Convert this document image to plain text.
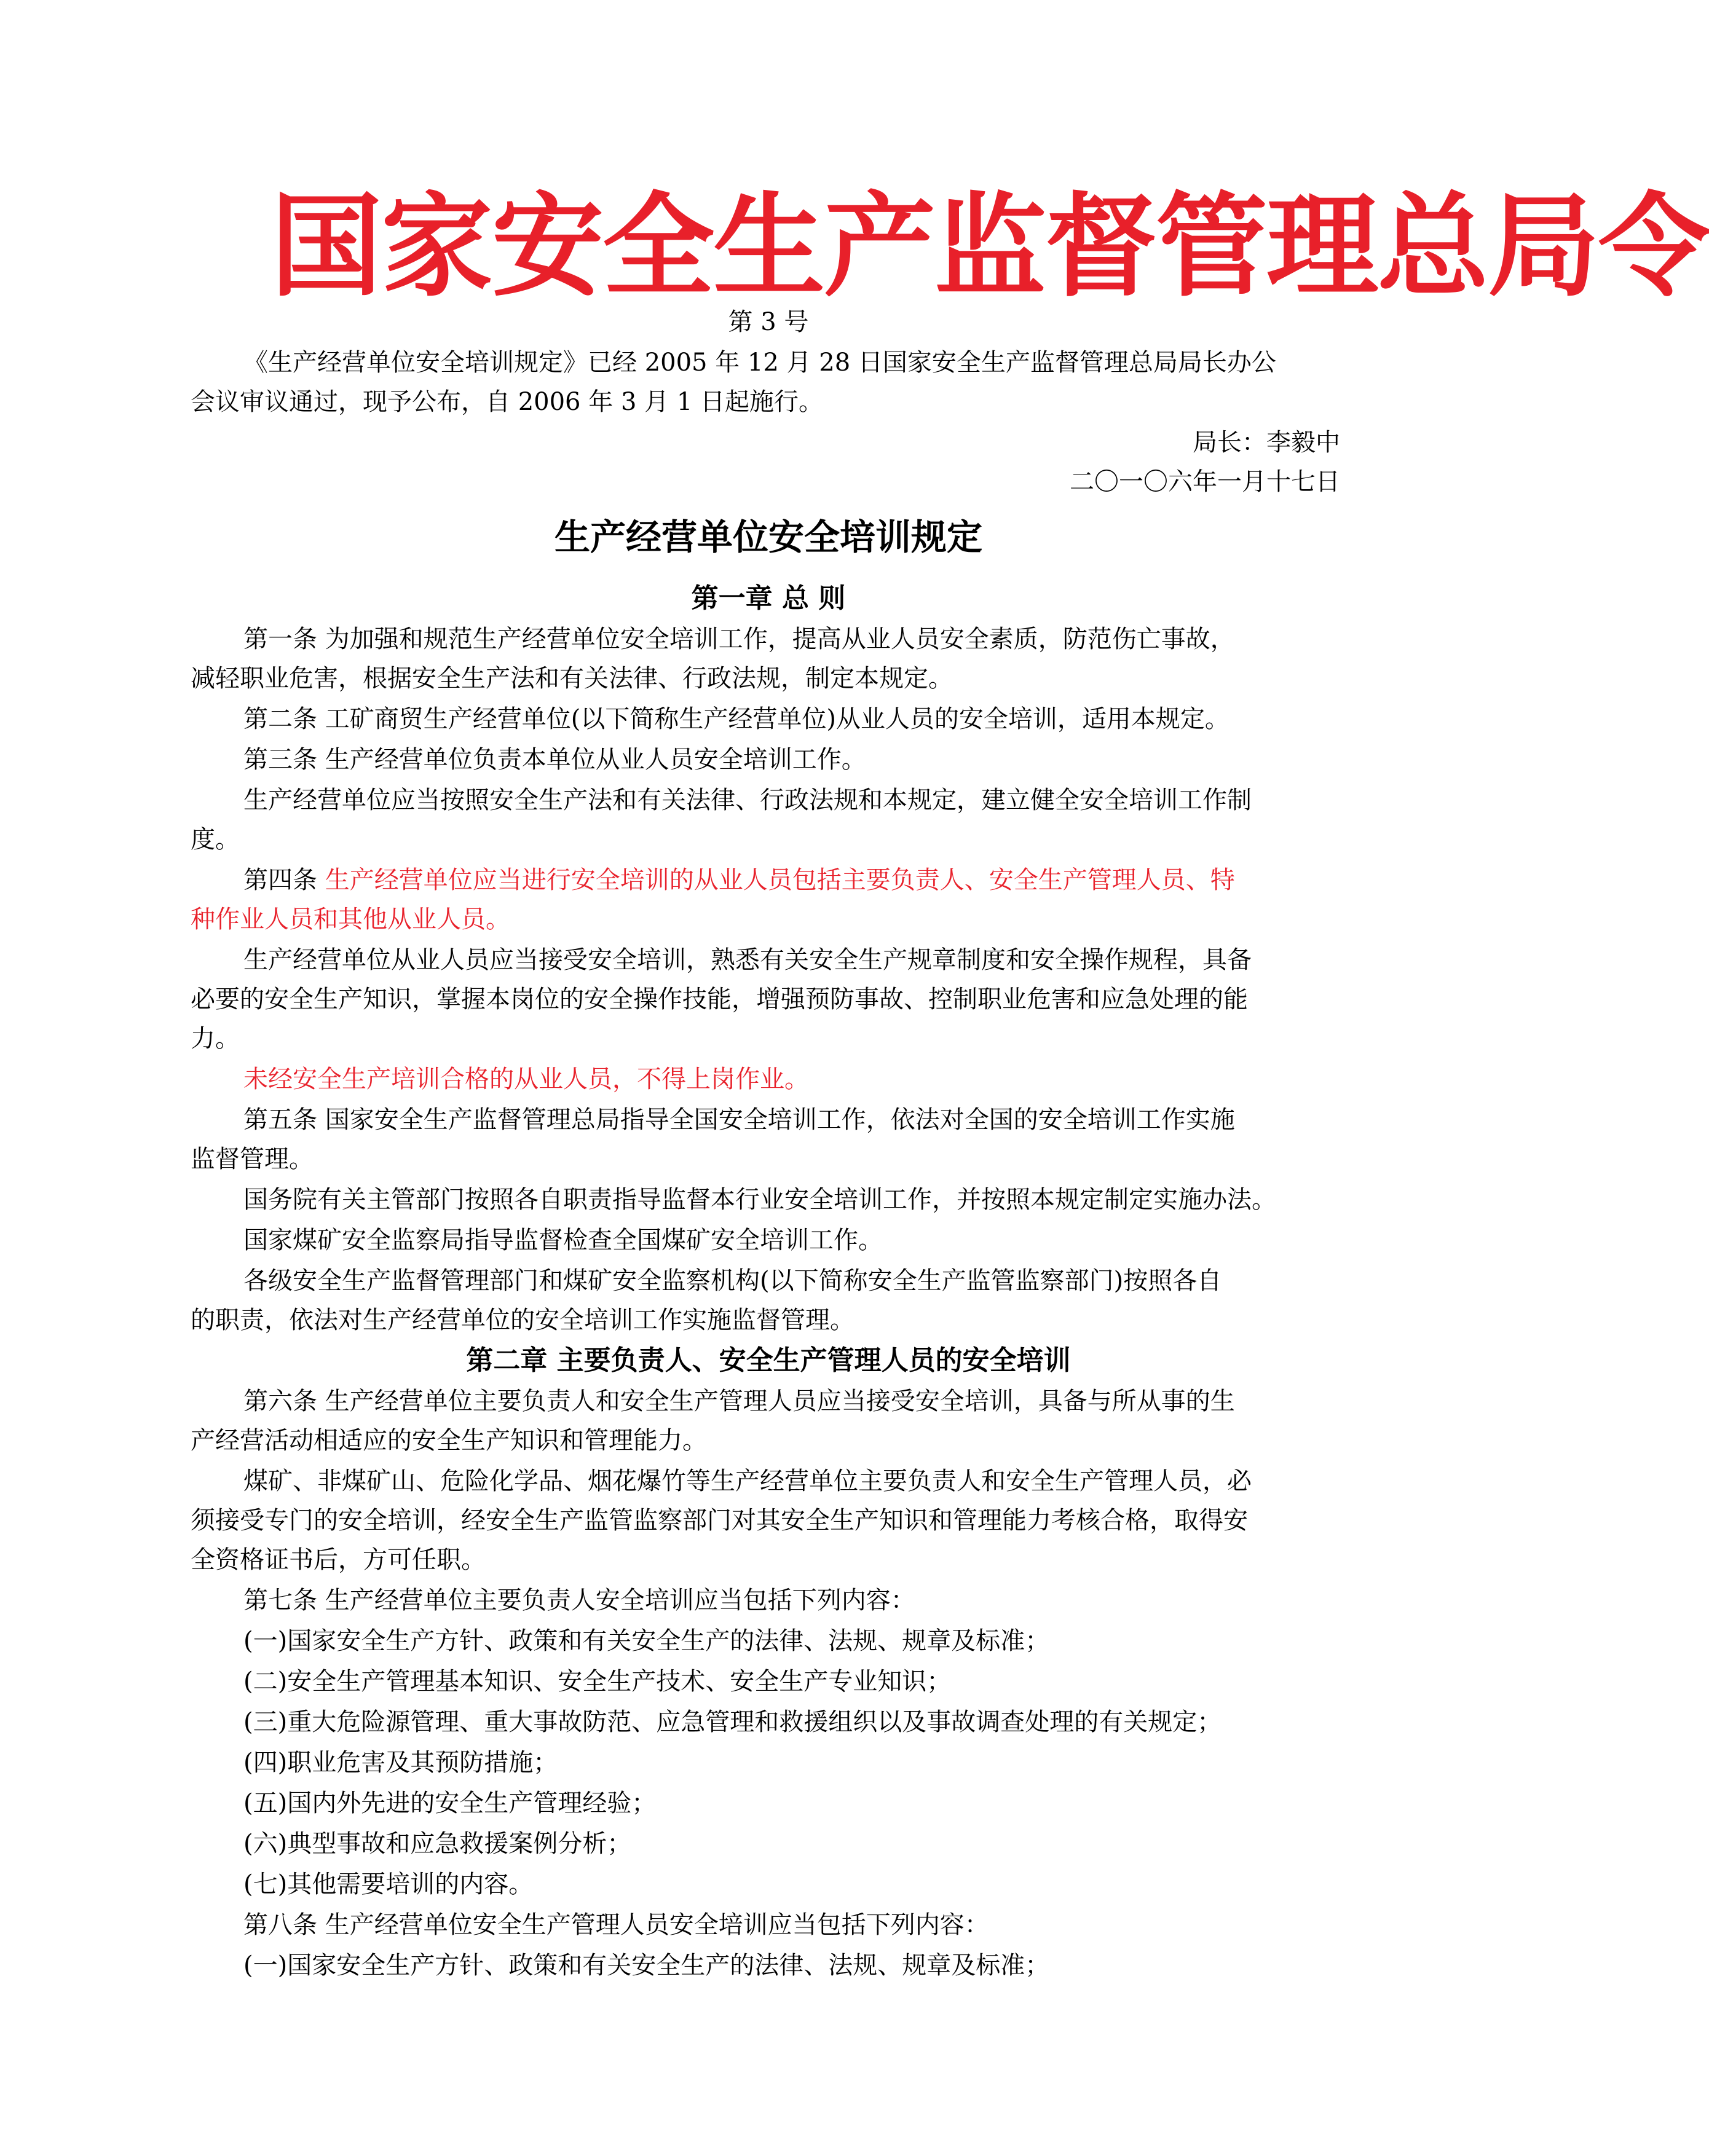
国家安全生产监督管理总局令
第 3 号
《生产经营单位安全培训规定》已经 2005 年 12 月 28 日国家安全生产监督管理总局局长办公
会议审议通过，现予公布，自 2006 年 3 月 1 日起施行。
局长：李毅中
二〇一〇六年一月十七日
生产经营单位安全培训规定
第一章 总 则
第一条 为加强和规范生产经营单位安全培训工作，提高从业人员安全素质，防范伤亡事故，
减轻职业危害，根据安全生产法和有关法律、行政法规，制定本规定。
第二条 工矿商贸生产经营单位(以下简称生产经营单位)从业人员的安全培训，适用本规定。
第三条 生产经营单位负责本单位从业人员安全培训工作。
生产经营单位应当按照安全生产法和有关法律、行政法规和本规定，建立健全安全培训工作制
度。
第四条 生产经营单位应当进行安全培训的从业人员包括主要负责人、安全生产管理人员、特
种作业人员和其他从业人员。
生产经营单位从业人员应当接受安全培训，熟悉有关安全生产规章制度和安全操作规程，具备
必要的安全生产知识，掌握本岗位的安全操作技能，增强预防事故、控制职业危害和应急处理的能
力。
未经安全生产培训合格的从业人员，不得上岗作业。
第五条 国家安全生产监督管理总局指导全国安全培训工作，依法对全国的安全培训工作实施
监督管理。
国务院有关主管部门按照各自职责指导监督本行业安全培训工作，并按照本规定制定实施办法。
国家煤矿安全监察局指导监督检查全国煤矿安全培训工作。
各级安全生产监督管理部门和煤矿安全监察机构(以下简称安全生产监管监察部门)按照各自
的职责，依法对生产经营单位的安全培训工作实施监督管理。
第二章 主要负责人、安全生产管理人员的安全培训
第六条 生产经营单位主要负责人和安全生产管理人员应当接受安全培训，具备与所从事的生
产经营活动相适应的安全生产知识和管理能力。
煤矿、非煤矿山、危险化学品、烟花爆竹等生产经营单位主要负责人和安全生产管理人员，必
须接受专门的安全培训，经安全生产监管监察部门对其安全生产知识和管理能力考核合格，取得安
全资格证书后，方可任职。
第七条 生产经营单位主要负责人安全培训应当包括下列内容：
(一)国家安全生产方针、政策和有关安全生产的法律、法规、规章及标准；
(二)安全生产管理基本知识、安全生产技术、安全生产专业知识；
(三)重大危险源管理、重大事故防范、应急管理和救援组织以及事故调查处理的有关规定；
(四)职业危害及其预防措施；
(五)国内外先进的安全生产管理经验；
(六)典型事故和应急救援案例分析；
(七)其他需要培训的内容。
第八条 生产经营单位安全生产管理人员安全培训应当包括下列内容：
(一)国家安全生产方针、政策和有关安全生产的法律、法规、规章及标准；
